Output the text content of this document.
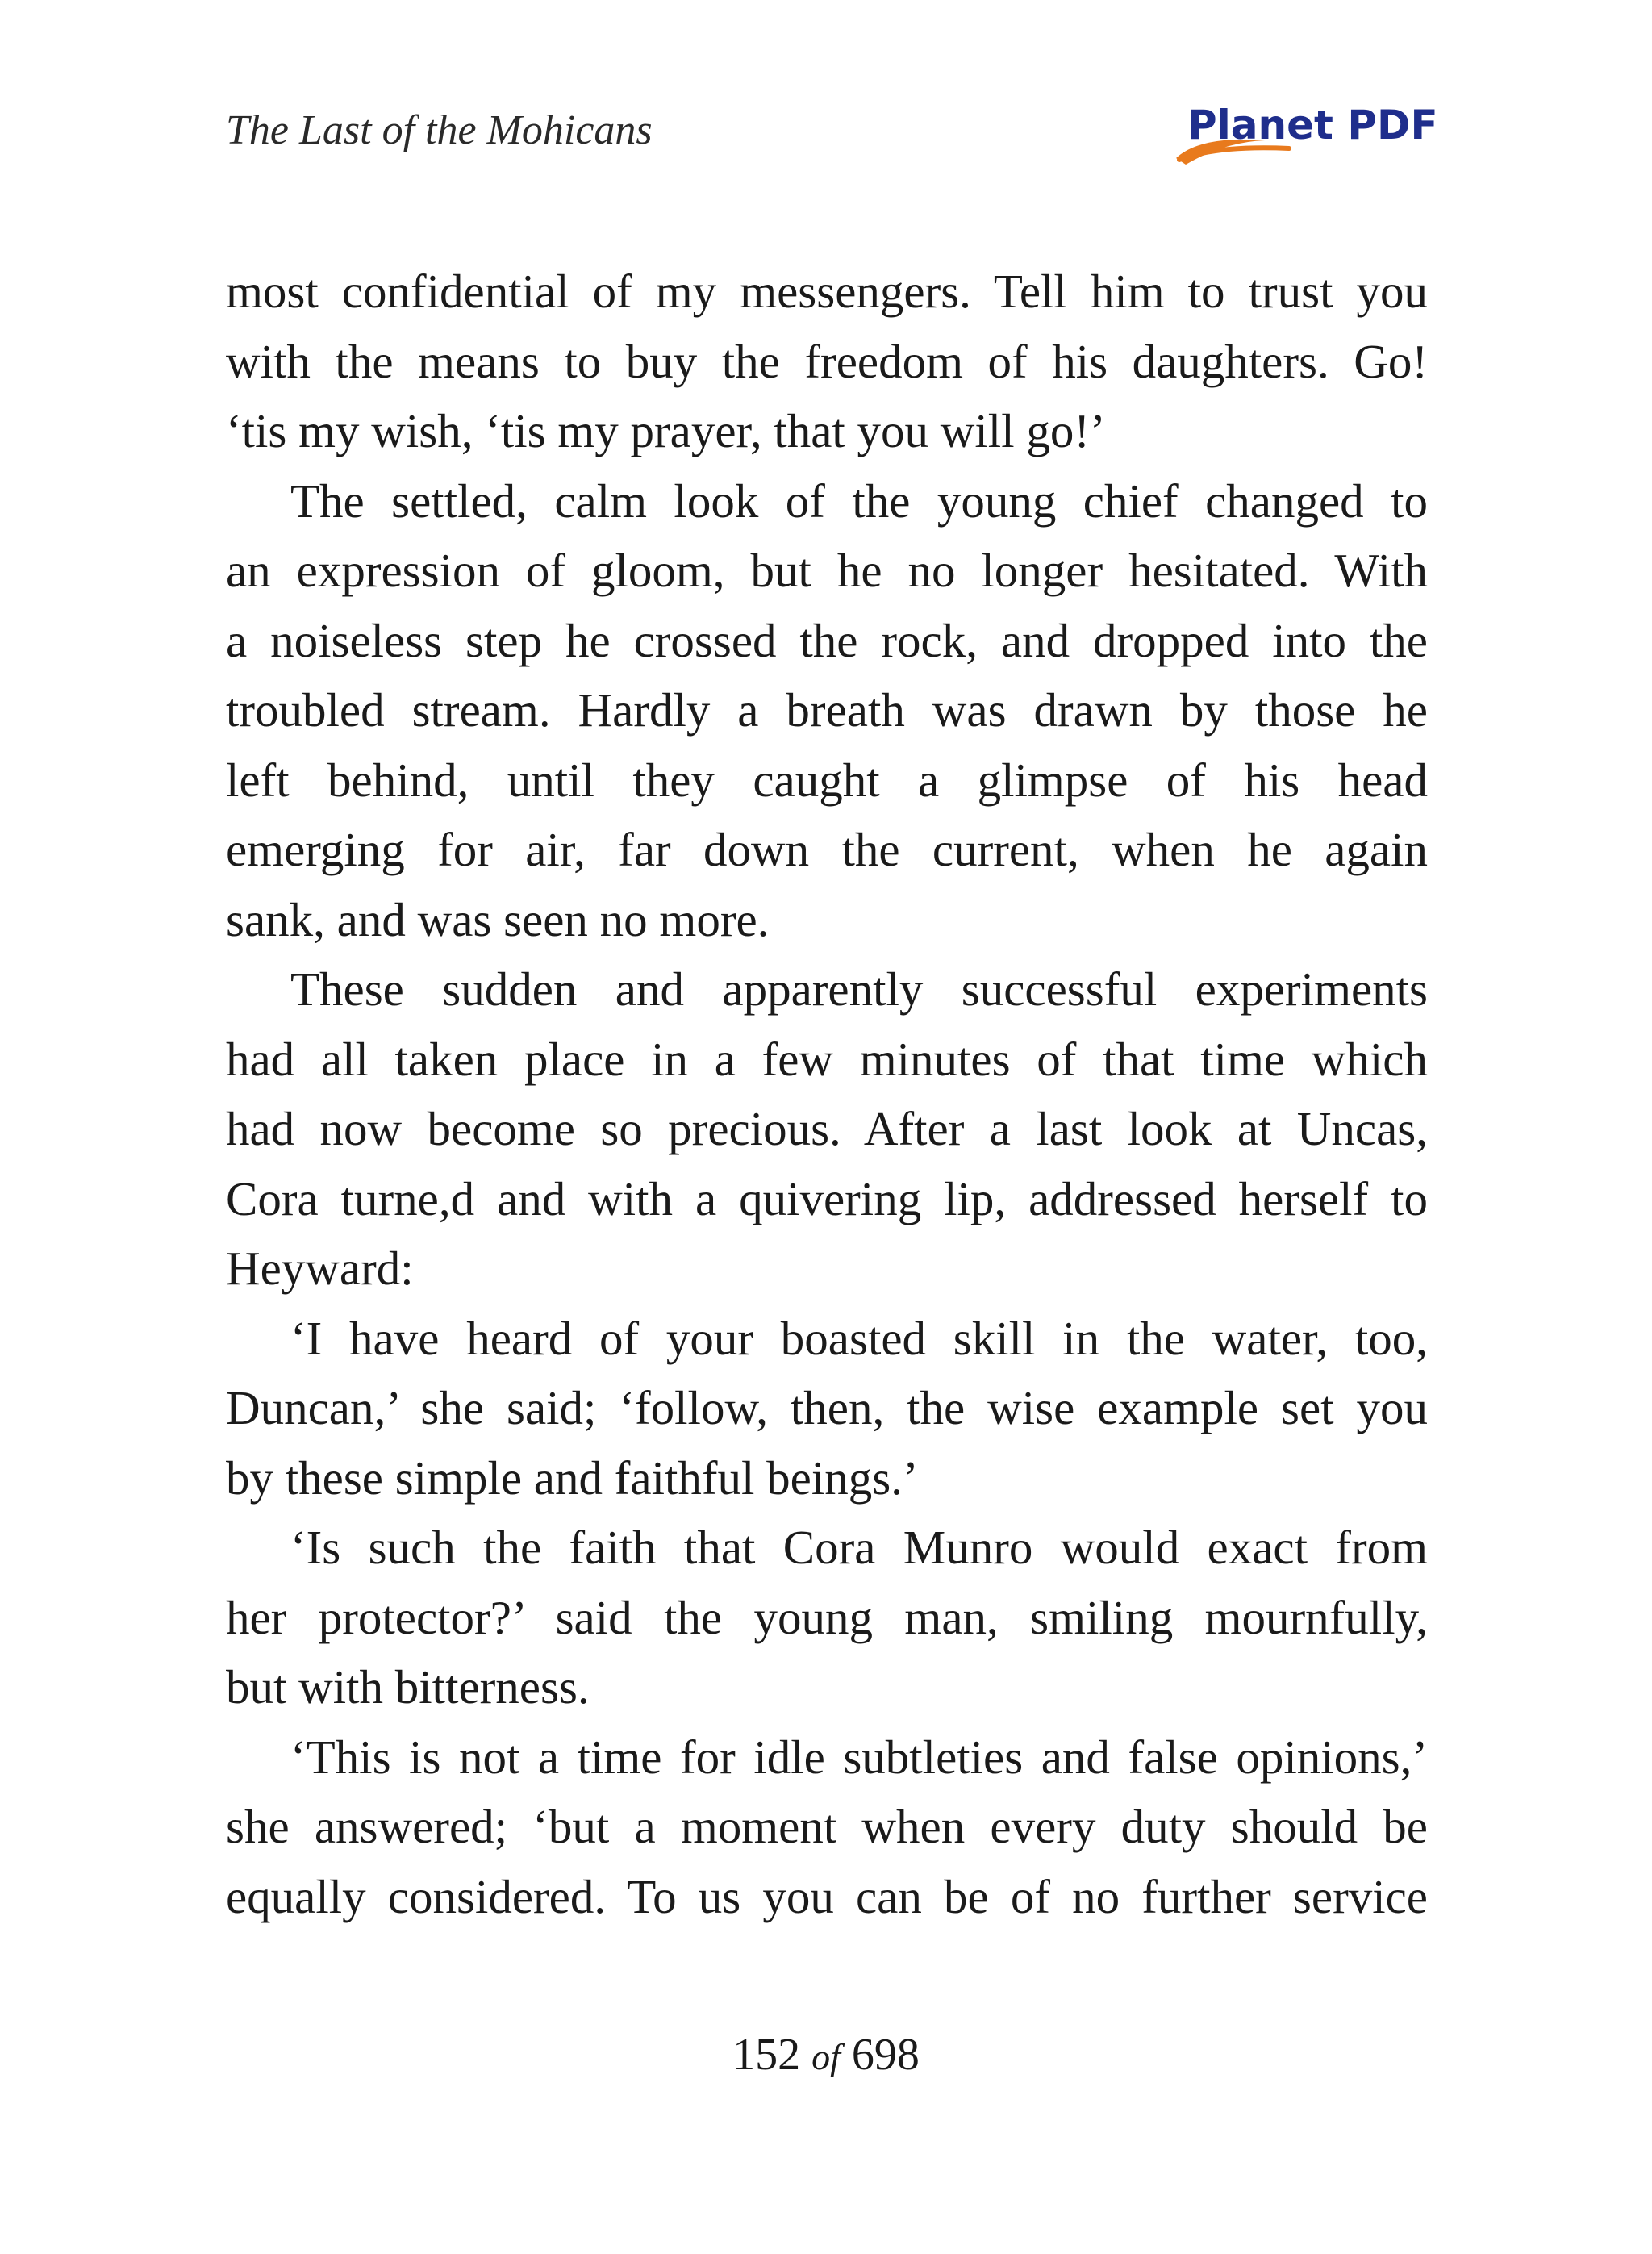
The Last of the Mohicans	Planet PDF

most confidential of my messengers. Tell him to trust you
with the means to buy the freedom of his daughters. Go!
‘tis my wish, ‘tis my prayer, that you will go!’

The settled, calm look of the young chief changed to
an expression of gloom, but he no longer hesitated. With
a noiseless step he crossed the rock, and dropped into the
troubled stream. Hardly a breath was drawn by those he
left behind, until they caught a glimpse of his head
emerging for air, far down the current, when he again
sank, and was seen no more.

These sudden and apparently successful experiments
had all taken place in a few minutes of that time which
had now become so precious. After a last look at Uncas,
Cora turne,d and with a quivering lip, addressed herself to
Heyward:

‘I have heard of your boasted skill in the water, too,
Duncan,’ she said; ‘follow, then, the wise example set you
by these simple and faithful beings.’

‘Is such the faith that Cora Munro would exact from
her protector?’ said the young man, smiling mournfully,
but with bitterness.

‘This is not a time for idle subtleties and false opinions,’
she answered; ‘but a moment when every duty should be
equally considered. To us you can be of no further service

152 of 698
